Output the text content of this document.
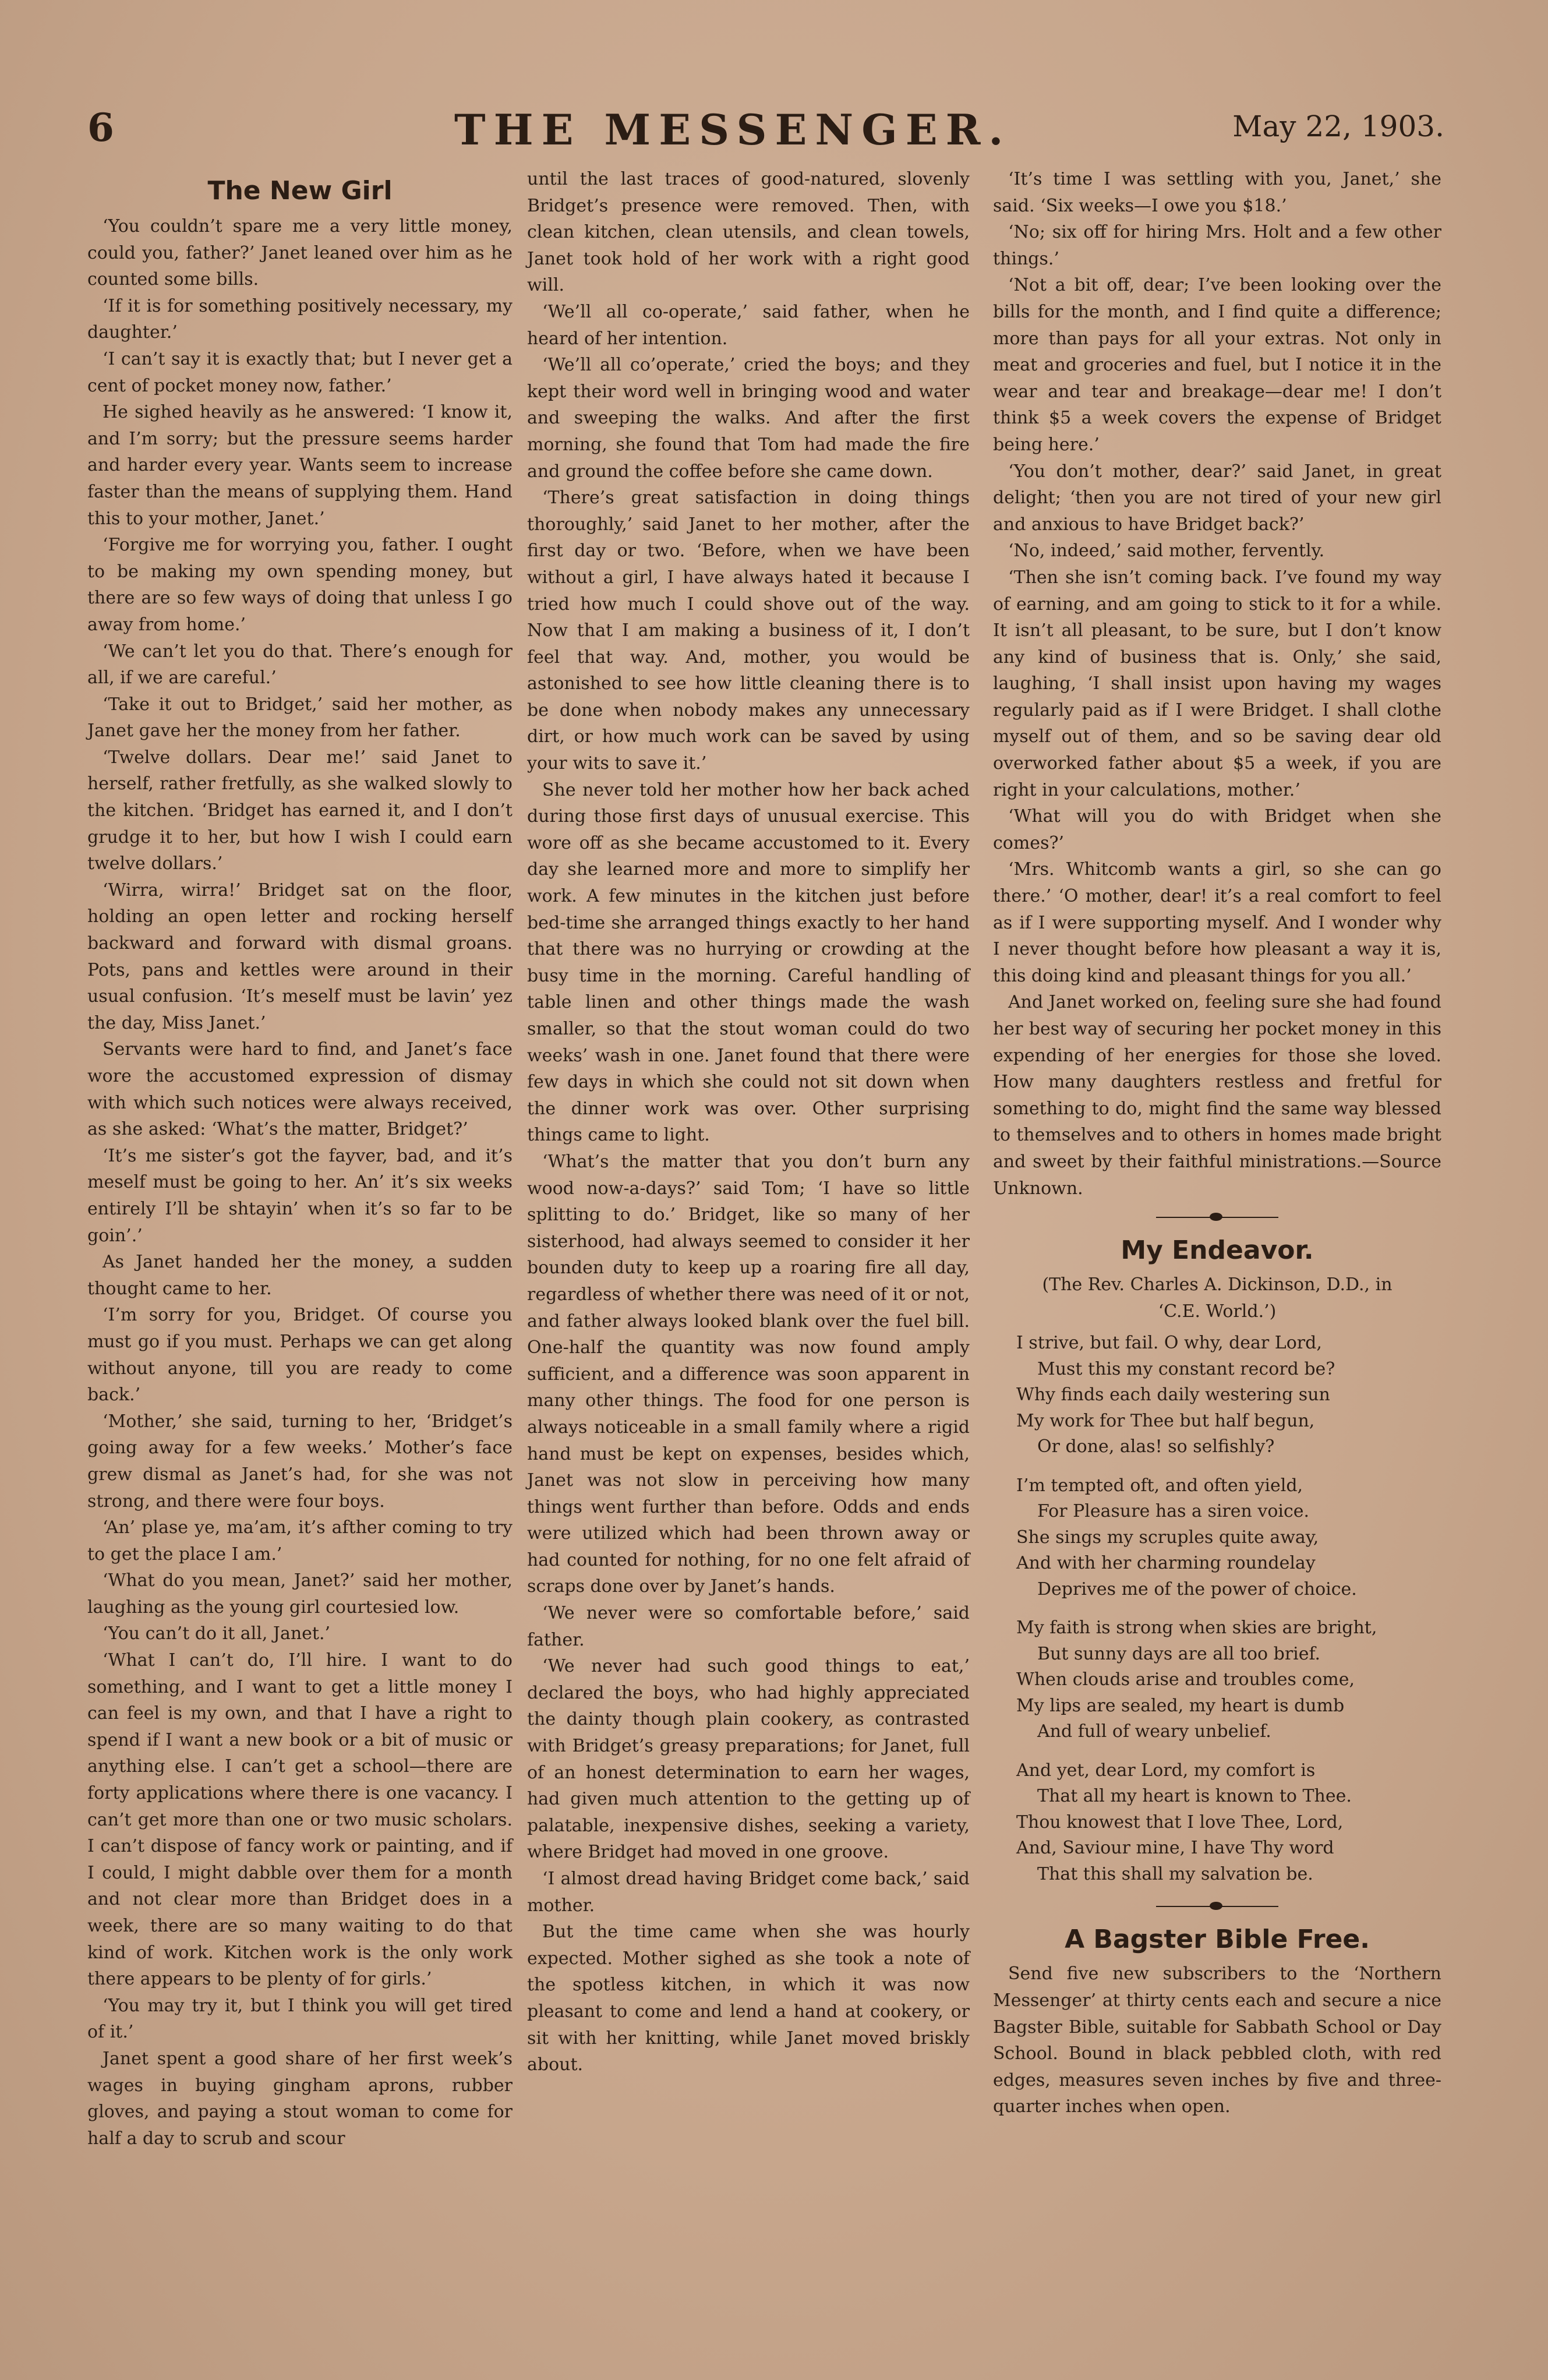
6	THE MESSENGER.	May 22, 1903.
The New Girl

‘You couldn’t spare me a very little money, could you, father?’ Janet leaned over him as he counted some bills.

‘If it is for something positively necessary, my daughter.’

‘I can’t say it is exactly that; but I never get a cent of pocket money now, father.’

He sighed heavily as he answered: ‘I know it, and I’m sorry; but the pressure seems harder and harder every year. Wants seem to increase faster than the means of supplying them. Hand this to your mother, Janet.’

‘Forgive me for worrying you, father. I ought to be making my own spending money, but there are so few ways of doing that unless I go away from home.’

‘We can’t let you do that. There’s enough for all, if we are careful.’

‘Take it out to Bridget,’ said her mother, as Janet gave her the money from her father.

‘Twelve dollars. Dear me!’ said Janet to herself, rather fretfully, as she walked slowly to the kitchen. ‘Bridget has earned it, and I don’t grudge it to her, but how I wish I could earn twelve dollars.’

‘Wirra, wirra!’ Bridget sat on the floor, holding an open letter and rocking herself backward and forward with dismal groans. Pots, pans and kettles were around in their usual confusion. ‘It’s meself must be lavin’ yez the day, Miss Janet.’

Servants were hard to find, and Janet’s face wore the accustomed expression of dismay with which such notices were always received, as she asked: ‘What’s the matter, Bridget?’

‘It’s me sister’s got the fayver, bad, and it’s meself must be going to her. An’ it’s six weeks entirely I’ll be shtayin’ when it’s so far to be goin’.’

As Janet handed her the money, a sudden thought came to her.

‘I’m sorry for you, Bridget. Of course you must go if you must. Perhaps we can get along without anyone, till you are ready to come back.’

‘Mother,’ she said, turning to her, ‘Bridget’s going away for a few weeks.’ Mother’s face grew dismal as Janet’s had, for she was not strong, and there were four boys.

‘An’ plase ye, ma’am, it’s afther coming to try to get the place I am.’

‘What do you mean, Janet?’ said her mother, laughing as the young girl courtesied low.

‘You can’t do it all, Janet.’

‘What I can’t do, I’ll hire. I want to do something, and I want to get a little money I can feel is my own, and that I have a right to spend if I want a new book or a bit of music or anything else. I can’t get a school—there are forty applications where there is one vacancy. I can’t get more than one or two music scholars. I can’t dispose of fancy work or painting, and if I could, I might dabble over them for a month and not clear more than Bridget does in a week, there are so many waiting to do that kind of work. Kitchen work is the only work there appears to be plenty of for girls.’

‘You may try it, but I think you will get tired of it.’

Janet spent a good share of her first week’s wages in buying gingham aprons, rubber gloves, and paying a stout woman to come for half a day to scrub and scour

until the last traces of good-natured, slovenly Bridget’s presence were removed. Then, with clean kitchen, clean utensils, and clean towels, Janet took hold of her work with a right good will.

‘We’ll all co-operate,’ said father, when he heard of her intention.

‘We’ll all co’operate,’ cried the boys; and they kept their word well in bringing wood and water and sweeping the walks. And after the first morning, she found that Tom had made the fire and ground the coffee before she came down.

‘There’s great satisfaction in doing things thoroughly,’ said Janet to her mother, after the first day or two. ‘Before, when we have been without a girl, I have always hated it because I tried how much I could shove out of the way. Now that I am making a business of it, I don’t feel that way. And, mother, you would be astonished to see how little cleaning there is to be done when nobody makes any unnecessary dirt, or how much work can be saved by using your wits to save it.’

She never told her mother how her back ached during those first days of unusual exercise. This wore off as she became accustomed to it. Every day she learned more and more to simplify her work. A few minutes in the kitchen just before bed-time she arranged things exactly to her hand that there was no hurrying or crowding at the busy time in the morning. Careful handling of table linen and other things made the wash smaller, so that the stout woman could do two weeks’ wash in one. Janet found that there were few days in which she could not sit down when the dinner work was over. Other surprising things came to light.

‘What’s the matter that you don’t burn any wood now-a-days?’ said Tom; ‘I have so little splitting to do.’ Bridget, like so many of her sisterhood, had always seemed to consider it her bounden duty to keep up a roaring fire all day, regardless of whether there was need of it or not, and father always looked blank over the fuel bill. One-half the quantity was now found amply sufficient, and a difference was soon apparent in many other things. The food for one person is always noticeable in a small family where a rigid hand must be kept on expenses, besides which, Janet was not slow in perceiving how many things went further than before. Odds and ends were utilized which had been thrown away or had counted for nothing, for no one felt afraid of scraps done over by Janet’s hands.

‘We never were so comfortable before,’ said father.

‘We never had such good things to eat,’ declared the boys, who had highly appreciated the dainty though plain cookery, as contrasted with Bridget’s greasy preparations; for Janet, full of an honest determination to earn her wages, had given much attention to the getting up of palatable, inexpensive dishes, seeking a variety, where Bridget had moved in one groove.

‘I almost dread having Bridget come back,’ said mother.

But the time came when she was hourly expected. Mother sighed as she took a note of the spotless kitchen, in which it was now pleasant to come and lend a hand at cookery, or sit with her knitting, while Janet moved briskly about.

‘It’s time I was settling with you, Janet,’ she said. ‘Six weeks—I owe you $18.’

‘No; six off for hiring Mrs. Holt and a few other things.’

‘Not a bit off, dear; I’ve been looking over the bills for the month, and I find quite a difference; more than pays for all your extras. Not only in meat and groceries and fuel, but I notice it in the wear and tear and breakage—dear me! I don’t think $5 a week covers the expense of Bridget being here.’

‘You don’t mother, dear?’ said Janet, in great delight; ‘then you are not tired of your new girl and anxious to have Bridget back?’

‘No, indeed,’ said mother, fervently.

‘Then she isn’t coming back. I’ve found my way of earning, and am going to stick to it for a while. It isn’t all pleasant, to be sure, but I don’t know any kind of business that is. Only,’ she said, laughing, ‘I shall insist upon having my wages regularly paid as if I were Bridget. I shall clothe myself out of them, and so be saving dear old overworked father about $5 a week, if you are right in your calculations, mother.’

‘What will you do with Bridget when she comes?’

‘Mrs. Whitcomb wants a girl, so she can go there.’ ‘O mother, dear! it’s a real comfort to feel as if I were supporting myself. And I wonder why I never thought before how pleasant a way it is, this doing kind and pleasant things for you all.’

And Janet worked on, feeling sure she had found her best way of securing her pocket money in this expending of her energies for those she loved. How many daughters restless and fretful for something to do, might find the same way blessed to themselves and to others in homes made bright and sweet by their faithful ministrations.—Source Unknown.

My Endeavor.

(The Rev. Charles A. Dickinson, D.D., in
‘C.E. World.’)

I strive, but fail. O why, dear Lord,
Must this my constant record be?
Why finds each daily westering sun
My work for Thee but half begun,
Or done, alas! so selfishly?
I’m tempted oft, and often yield,
For Pleasure has a siren voice.
She sings my scruples quite away,
And with her charming roundelay
Deprives me of the power of choice.
My faith is strong when skies are bright,
But sunny days are all too brief.
When clouds arise and troubles come,
My lips are sealed, my heart is dumb
And full of weary unbelief.
And yet, dear Lord, my comfort is
That all my heart is known to Thee.
Thou knowest that I love Thee, Lord,
And, Saviour mine, I have Thy word
That this shall my salvation be.
A Bagster Bible Free.

Send five new subscribers to the ‘Northern Messenger’ at thirty cents each and secure a nice Bagster Bible, suitable for Sabbath School or Day School. Bound in black pebbled cloth, with red edges, measures seven inches by five and three-quarter inches when open.
